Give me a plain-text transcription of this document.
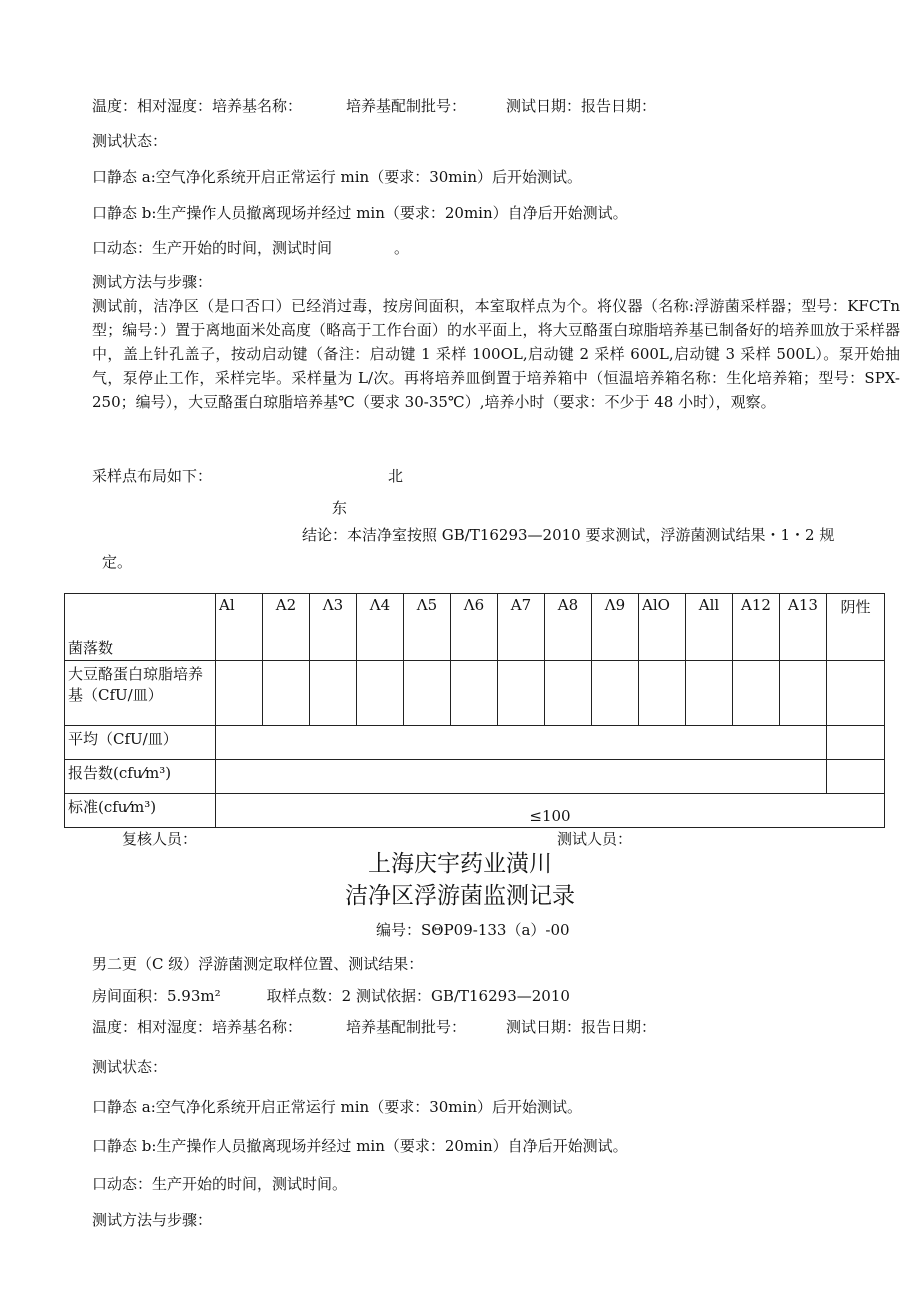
温度：相对湿度：培养基名称：	培养基配制批号：	测试日期：报告日期：
测试状态：
口静态 a:空气净化系统开启正常运行 min（要求：30min）后开始测试。
口静态 b:生产操作人员撤离现场并经过 min（要求：20min）自净后开始测试。
口动态：生产开始的时间，测试时间	。
测试方法与步骤：
测试前，洁净区（是口否口）已经消过毒，按房间面积，本室取样点为个。将仪器（名称:浮游菌采样器；型号：KFCTn型；编号：）置于离地面米处高度（略高于工作台面）的水平面上，将大豆酪蛋白琼脂培养基已制备好的培养皿放于采样器中，盖上针孔盖子，按动启动键（备注：启动键 1 采样 100OL,启动键 2 采样 600L,启动键 3 采样 500L）。泵开始抽气，泵停止工作，采样完毕。采样量为 L/次。再将培养皿倒置于培养箱中（恒温培养箱名称：生化培养箱；型号：SPX-250；编号），大豆酪蛋白琼脂培养基℃（要求 30-35℃）,培养小时（要求：不少于 48 小时），观察。
采样点布局如下：	北
东
结论：本洁净室按照 GB/T16293—2010 要求测试，浮游菌测试结果・1・2 规
定。
菌落数	Al	A2	Λ3	Λ4	Λ5	Λ6	A7	A8	Λ9	AlO	All	A12	A13	阴性
大豆酪蛋白琼脂培养基（CfU/皿）														
平均（CfU/皿）														
报告数(cfu⁄m³)														
标准(cfu⁄m³)	≤100													
复核人员：	测试人员：
上海庆宇药业潢川
洁净区浮游菌监测记录
编号：SΘP09-133（a）-00
男二更（C 级）浮游菌测定取样位置、测试结果：
房间面积：5.93m²	取样点数：2 测试依据：GB/T16293—2010
温度：相对湿度：培养基名称：	培养基配制批号：	测试日期：报告日期：
测试状态：
口静态 a:空气净化系统开启正常运行 min（要求：30min）后开始测试。
口静态 b:生产操作人员撤离现场并经过 min（要求：20min）自净后开始测试。
口动态：生产开始的时间，测试时间。
测试方法与步骤：
